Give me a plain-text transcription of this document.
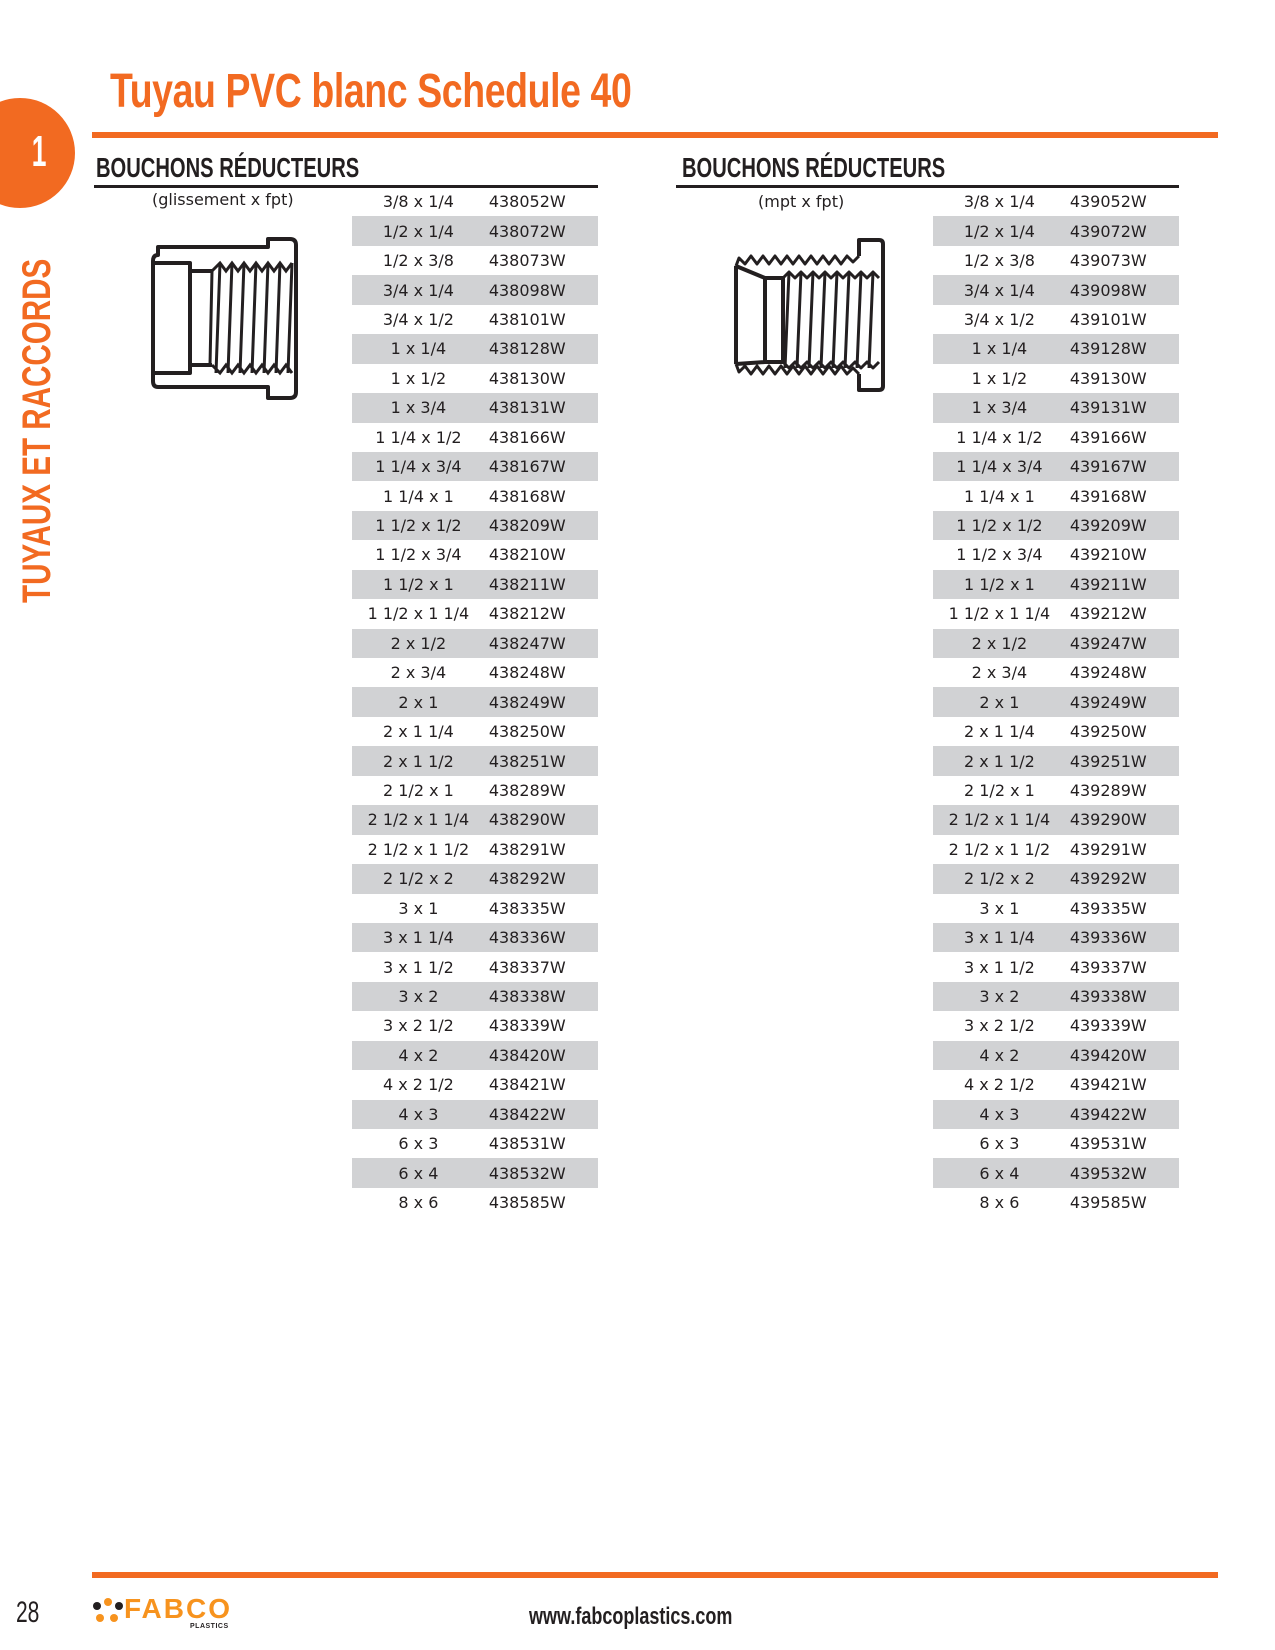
Tuyau PVC blanc Schedule 40
1
TUYAUX ET RACCORDS
BOUCHONS RÉDUCTEURS
(glissement x fpt)	3/8 x 1/4	438052W
1/2 x 1/4	438072W
1/2 x 3/8	438073W
3/4 x 1/4	438098W
3/4 x 1/2	438101W
1 x 1/4	438128W
1 x 1/2	438130W
1 x 3/4	438131W
1 1/4 x 1/2	438166W
1 1/4 x 3/4	438167W
1 1/4 x 1	438168W
1 1/2 x 1/2	438209W
1 1/2 x 3/4	438210W
1 1/2 x 1	438211W
1 1/2 x 1 1/4	438212W
2 x 1/2	438247W
2 x 3/4	438248W
2 x 1	438249W
2 x 1 1/4	438250W
2 x 1 1/2	438251W
2 1/2 x 1	438289W
2 1/2 x 1 1/4	438290W
2 1/2 x 1 1/2	438291W
2 1/2 x 2	438292W
3 x 1	438335W
3 x 1 1/4	438336W
3 x 1 1/2	438337W
3 x 2	438338W
3 x 2 1/2	438339W
4 x 2	438420W
4 x 2 1/2	438421W
4 x 3	438422W
6 x 3	438531W
6 x 4	438532W
8 x 6	438585W
BOUCHONS RÉDUCTEURS
(mpt x fpt)	3/8 x 1/4	439052W
1/2 x 1/4	439072W
1/2 x 3/8	439073W
3/4 x 1/4	439098W
3/4 x 1/2	439101W
1 x 1/4	439128W
1 x 1/2	439130W
1 x 3/4	439131W
1 1/4 x 1/2	439166W
1 1/4 x 3/4	439167W
1 1/4 x 1	439168W
1 1/2 x 1/2	439209W
1 1/2 x 3/4	439210W
1 1/2 x 1	439211W
1 1/2 x 1 1/4	439212W
2 x 1/2	439247W
2 x 3/4	439248W
2 x 1	439249W
2 x 1 1/4	439250W
2 x 1 1/2	439251W
2 1/2 x 1	439289W
2 1/2 x 1 1/4	439290W
2 1/2 x 1 1/2	439291W
2 1/2 x 2	439292W
3 x 1	439335W
3 x 1 1/4	439336W
3 x 1 1/2	439337W
3 x 2	439338W
3 x 2 1/2	439339W
4 x 2	439420W
4 x 2 1/2	439421W
4 x 3	439422W
6 x 3	439531W
6 x 4	439532W
8 x 6	439585W
28	FABCO
PLASTICS	www.fabcoplastics.com
